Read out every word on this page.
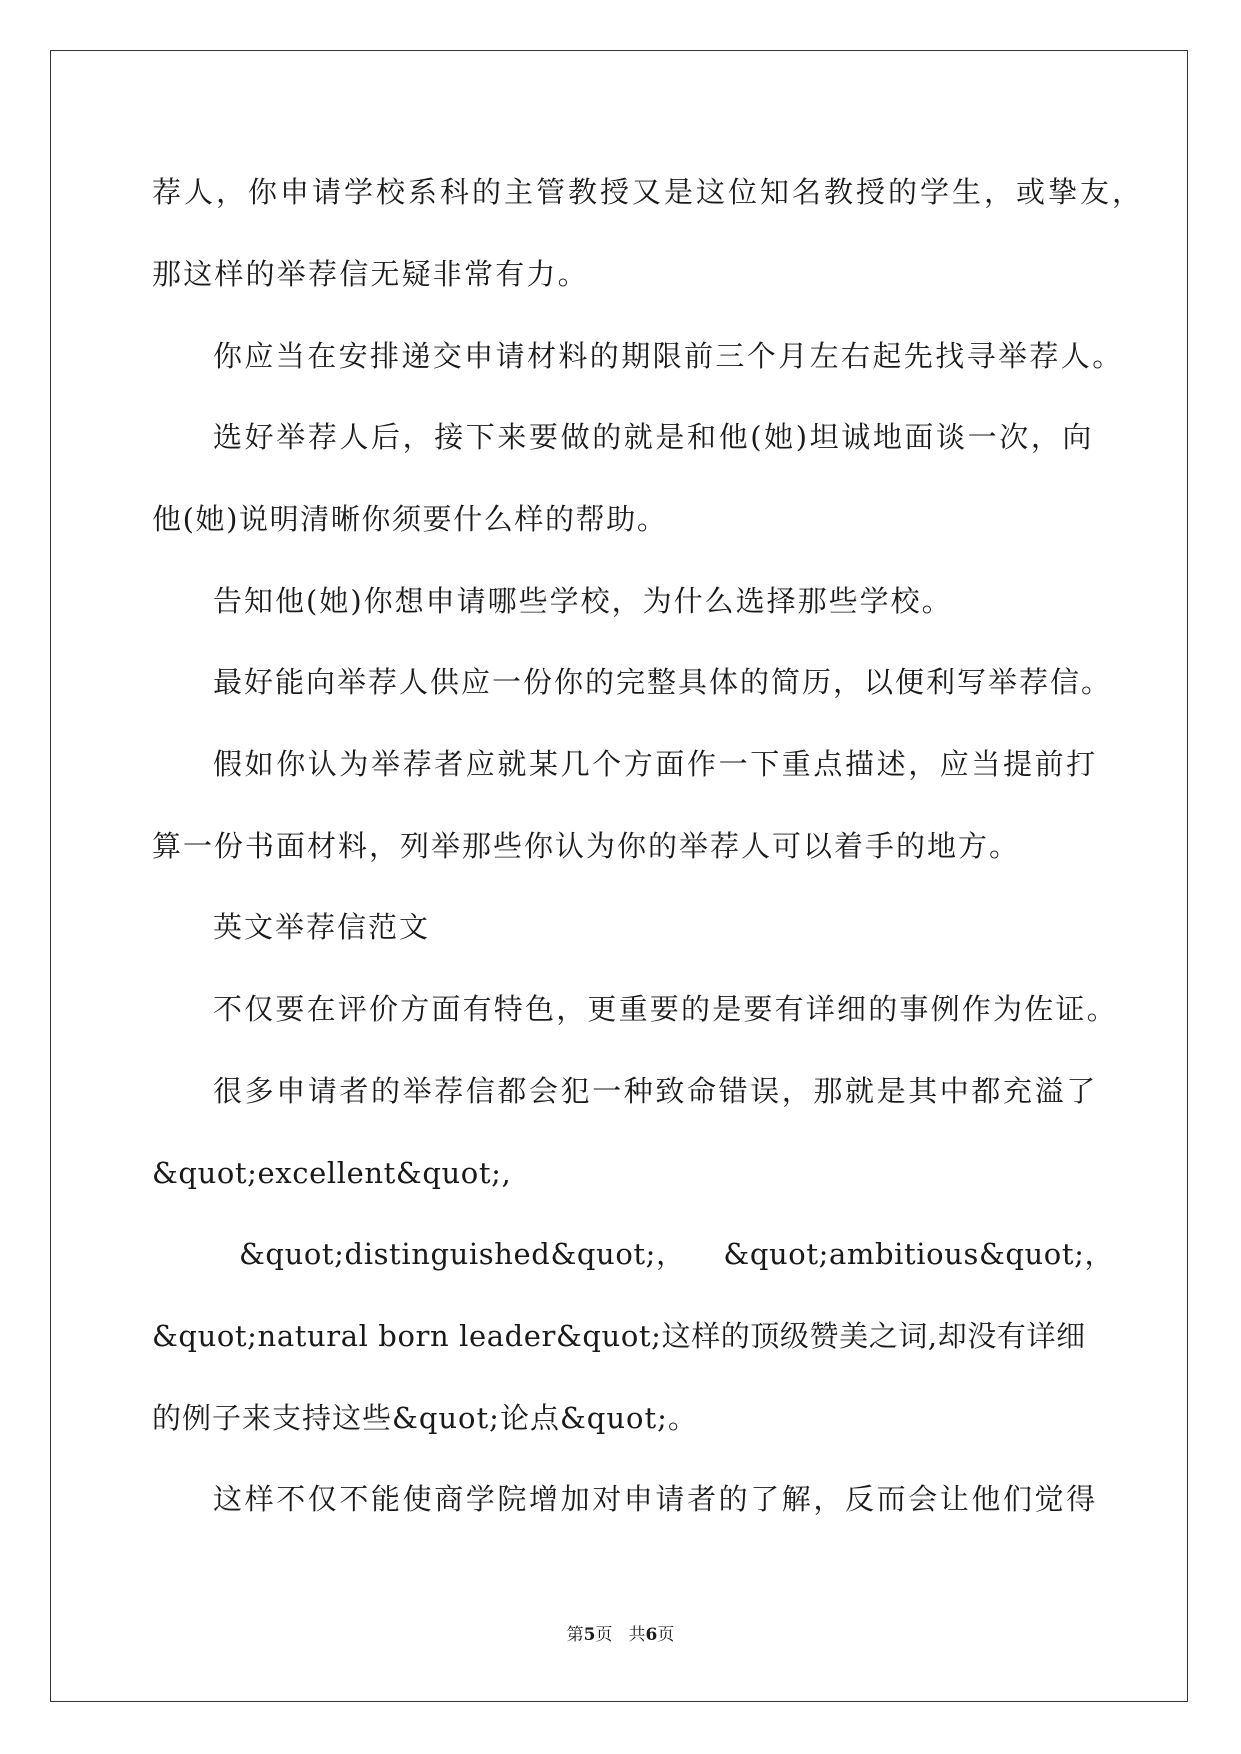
荐人，你申请学校系科的主管教授又是这位知名教授的学生，或挚友，
那这样的举荐信无疑非常有力。
你应当在安排递交申请材料的期限前三个月左右起先找寻举荐人。
选好举荐人后，接下来要做的就是和他(她)坦诚地面谈一次，向
他(她)说明清晰你须要什么样的帮助。
告知他(她)你想申请哪些学校，为什么选择那些学校。
最好能向举荐人供应一份你的完整具体的简历，以便利写举荐信。
假如你认为举荐者应就某几个方面作一下重点描述，应当提前打
算一份书面材料，列举那些你认为你的举荐人可以着手的地方。
英文举荐信范文
不仅要在评价方面有特色，更重要的是要有详细的事例作为佐证。
很多申请者的举荐信都会犯一种致命错误，那就是其中都充溢了
&quot;excellent&quot;,
&quot;distinguished&quot;， &quot;ambitious&quot;，
&quot;natural born leader&quot;这样的顶级赞美之词,却没有详细
的例子来支持这些&quot;论点&quot;。
这样不仅不能使商学院增加对申请者的了解，反而会让他们觉得
第5页 共6页
